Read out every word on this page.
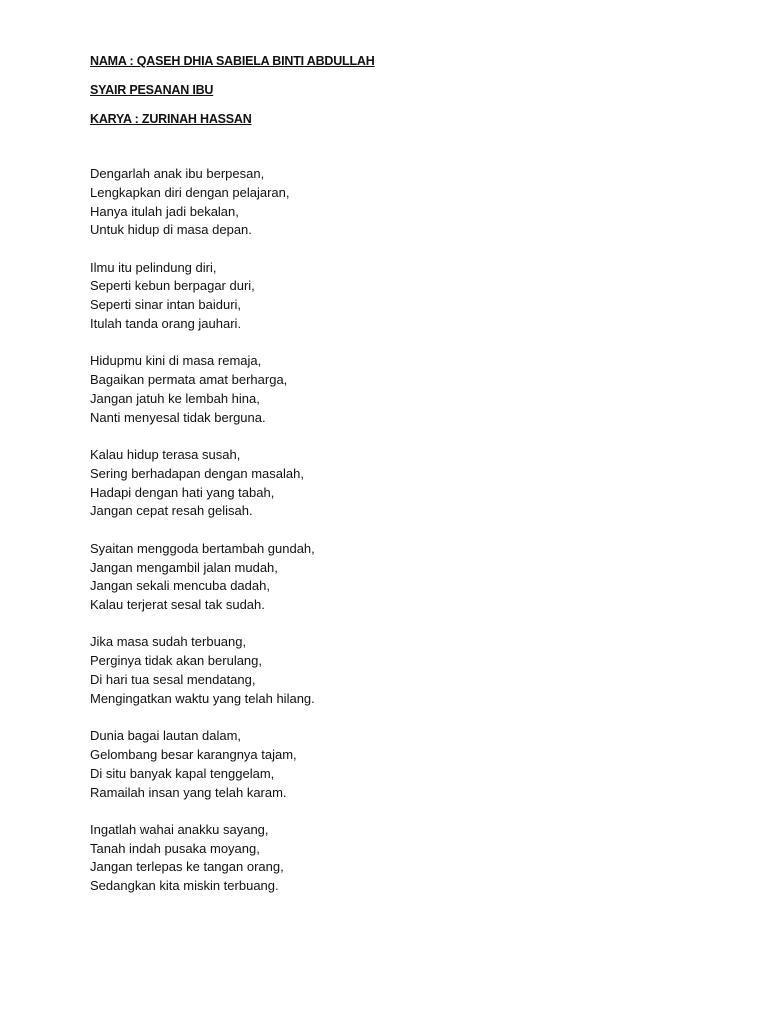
NAMA : QASEH DHIA SABIELA BINTI ABDULLAH
SYAIR PESANAN IBU
KARYA : ZURINAH HASSAN
Dengarlah anak ibu berpesan,
Lengkapkan diri dengan pelajaran,
Hanya itulah jadi bekalan,
Untuk hidup di masa depan.
Ilmu itu pelindung diri,
Seperti kebun berpagar duri,
Seperti sinar intan baiduri,
Itulah tanda orang jauhari.
Hidupmu kini di masa remaja,
Bagaikan permata amat berharga,
Jangan jatuh ke lembah hina,
Nanti menyesal tidak berguna.
Kalau hidup terasa susah,
Sering berhadapan dengan masalah,
Hadapi dengan hati yang tabah,
Jangan cepat resah gelisah.
Syaitan menggoda bertambah gundah,
Jangan mengambil jalan mudah,
Jangan sekali mencuba dadah,
Kalau terjerat sesal tak sudah.
Jika masa sudah terbuang,
Perginya tidak akan berulang,
Di hari tua sesal mendatang,
Mengingatkan waktu yang telah hilang.
Dunia bagai lautan dalam,
Gelombang besar karangnya tajam,
Di situ banyak kapal tenggelam,
Ramailah insan yang telah karam.
Ingatlah wahai anakku sayang,
Tanah indah pusaka moyang,
Jangan terlepas ke tangan orang,
Sedangkan kita miskin terbuang.
